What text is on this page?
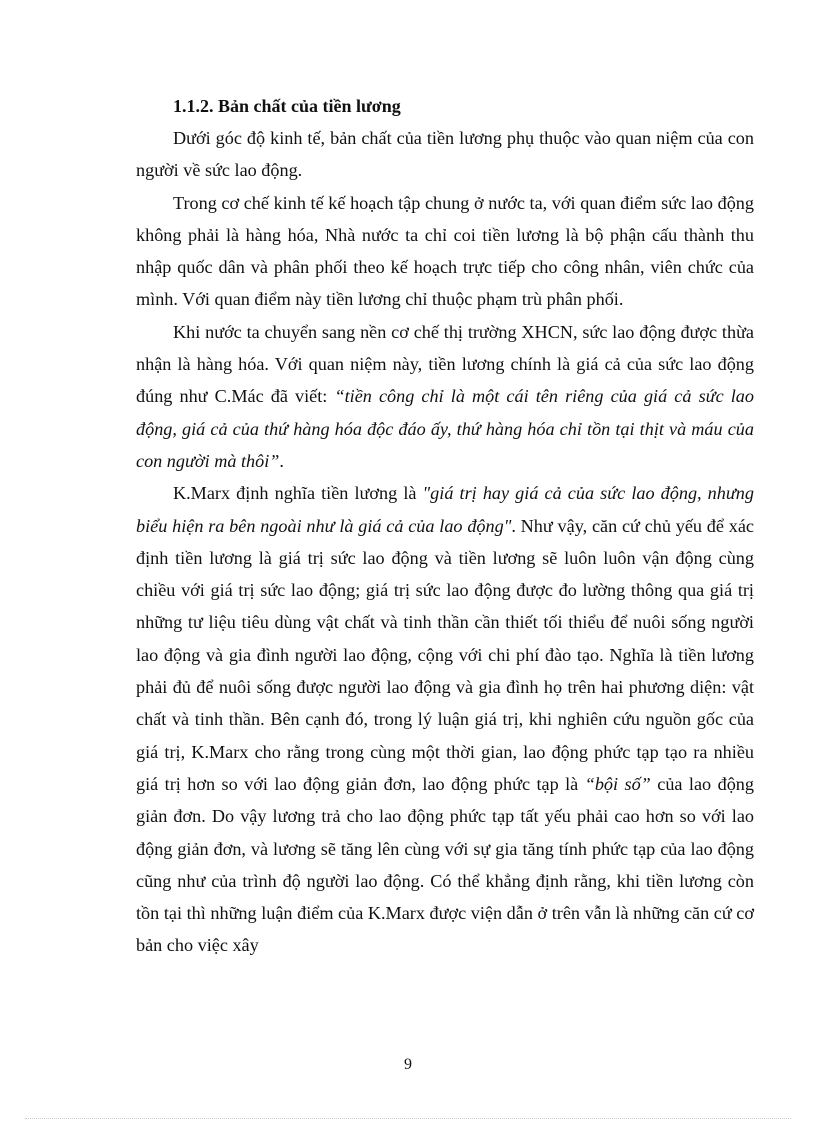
1.1.2. Bản chất của tiền lương

Dưới góc độ kinh tế, bản chất của tiền lương phụ thuộc vào quan niệm của con người về sức lao động.

Trong cơ chế kinh tế kế hoạch tập chung ở nước ta, với quan điểm sức lao động không phải là hàng hóa, Nhà nước ta chỉ coi tiền lương là bộ phận cấu thành thu nhập quốc dân và phân phối theo kế hoạch trực tiếp cho công nhân, viên chức của mình. Với quan điểm này tiền lương chỉ thuộc phạm trù phân phối.

Khi nước ta chuyển sang nền cơ chế thị trường XHCN, sức lao động được thừa nhận là hàng hóa. Với quan niệm này, tiền lương chính là giá cả của sức lao động đúng như C.Mác đã viết: “tiền công chỉ là một cái tên riêng của giá cả sức lao động, giá cả của thứ hàng hóa độc đáo ấy, thứ hàng hóa chỉ tồn tại thịt và máu của con người mà thôi”.

K.Marx định nghĩa tiền lương là "giá trị hay giá cả của sức lao động, nhưng biểu hiện ra bên ngoài như là giá cả của lao động". Như vậy, căn cứ chủ yếu để xác định tiền lương là giá trị sức lao động và tiền lương sẽ luôn luôn vận động cùng chiều với giá trị sức lao động; giá trị sức lao động được đo lường thông qua giá trị những tư liệu tiêu dùng vật chất và tinh thần cần thiết tối thiểu để nuôi sống người lao động và gia đình người lao động, cộng với chi phí đào tạo. Nghĩa là tiền lương phải đủ để nuôi sống được người lao động và gia đình họ trên hai phương diện: vật chất và tinh thần. Bên cạnh đó, trong lý luận giá trị, khi nghiên cứu nguồn gốc của giá trị, K.Marx cho rằng trong cùng một thời gian, lao động phức tạp tạo ra nhiều giá trị hơn so với lao động giản đơn, lao động phức tạp là “bội số” của lao động giản đơn. Do vậy lương trả cho lao động phức tạp tất yếu phải cao hơn so với lao động giản đơn, và lương sẽ tăng lên cùng với sự gia tăng tính phức tạp của lao động cũng như của trình độ người lao động. Có thể khẳng định rằng, khi tiền lương còn tồn tại thì những luận điểm của K.Marx được viện dẫn ở trên vẫn là những căn cứ cơ bản cho việc xây

9
